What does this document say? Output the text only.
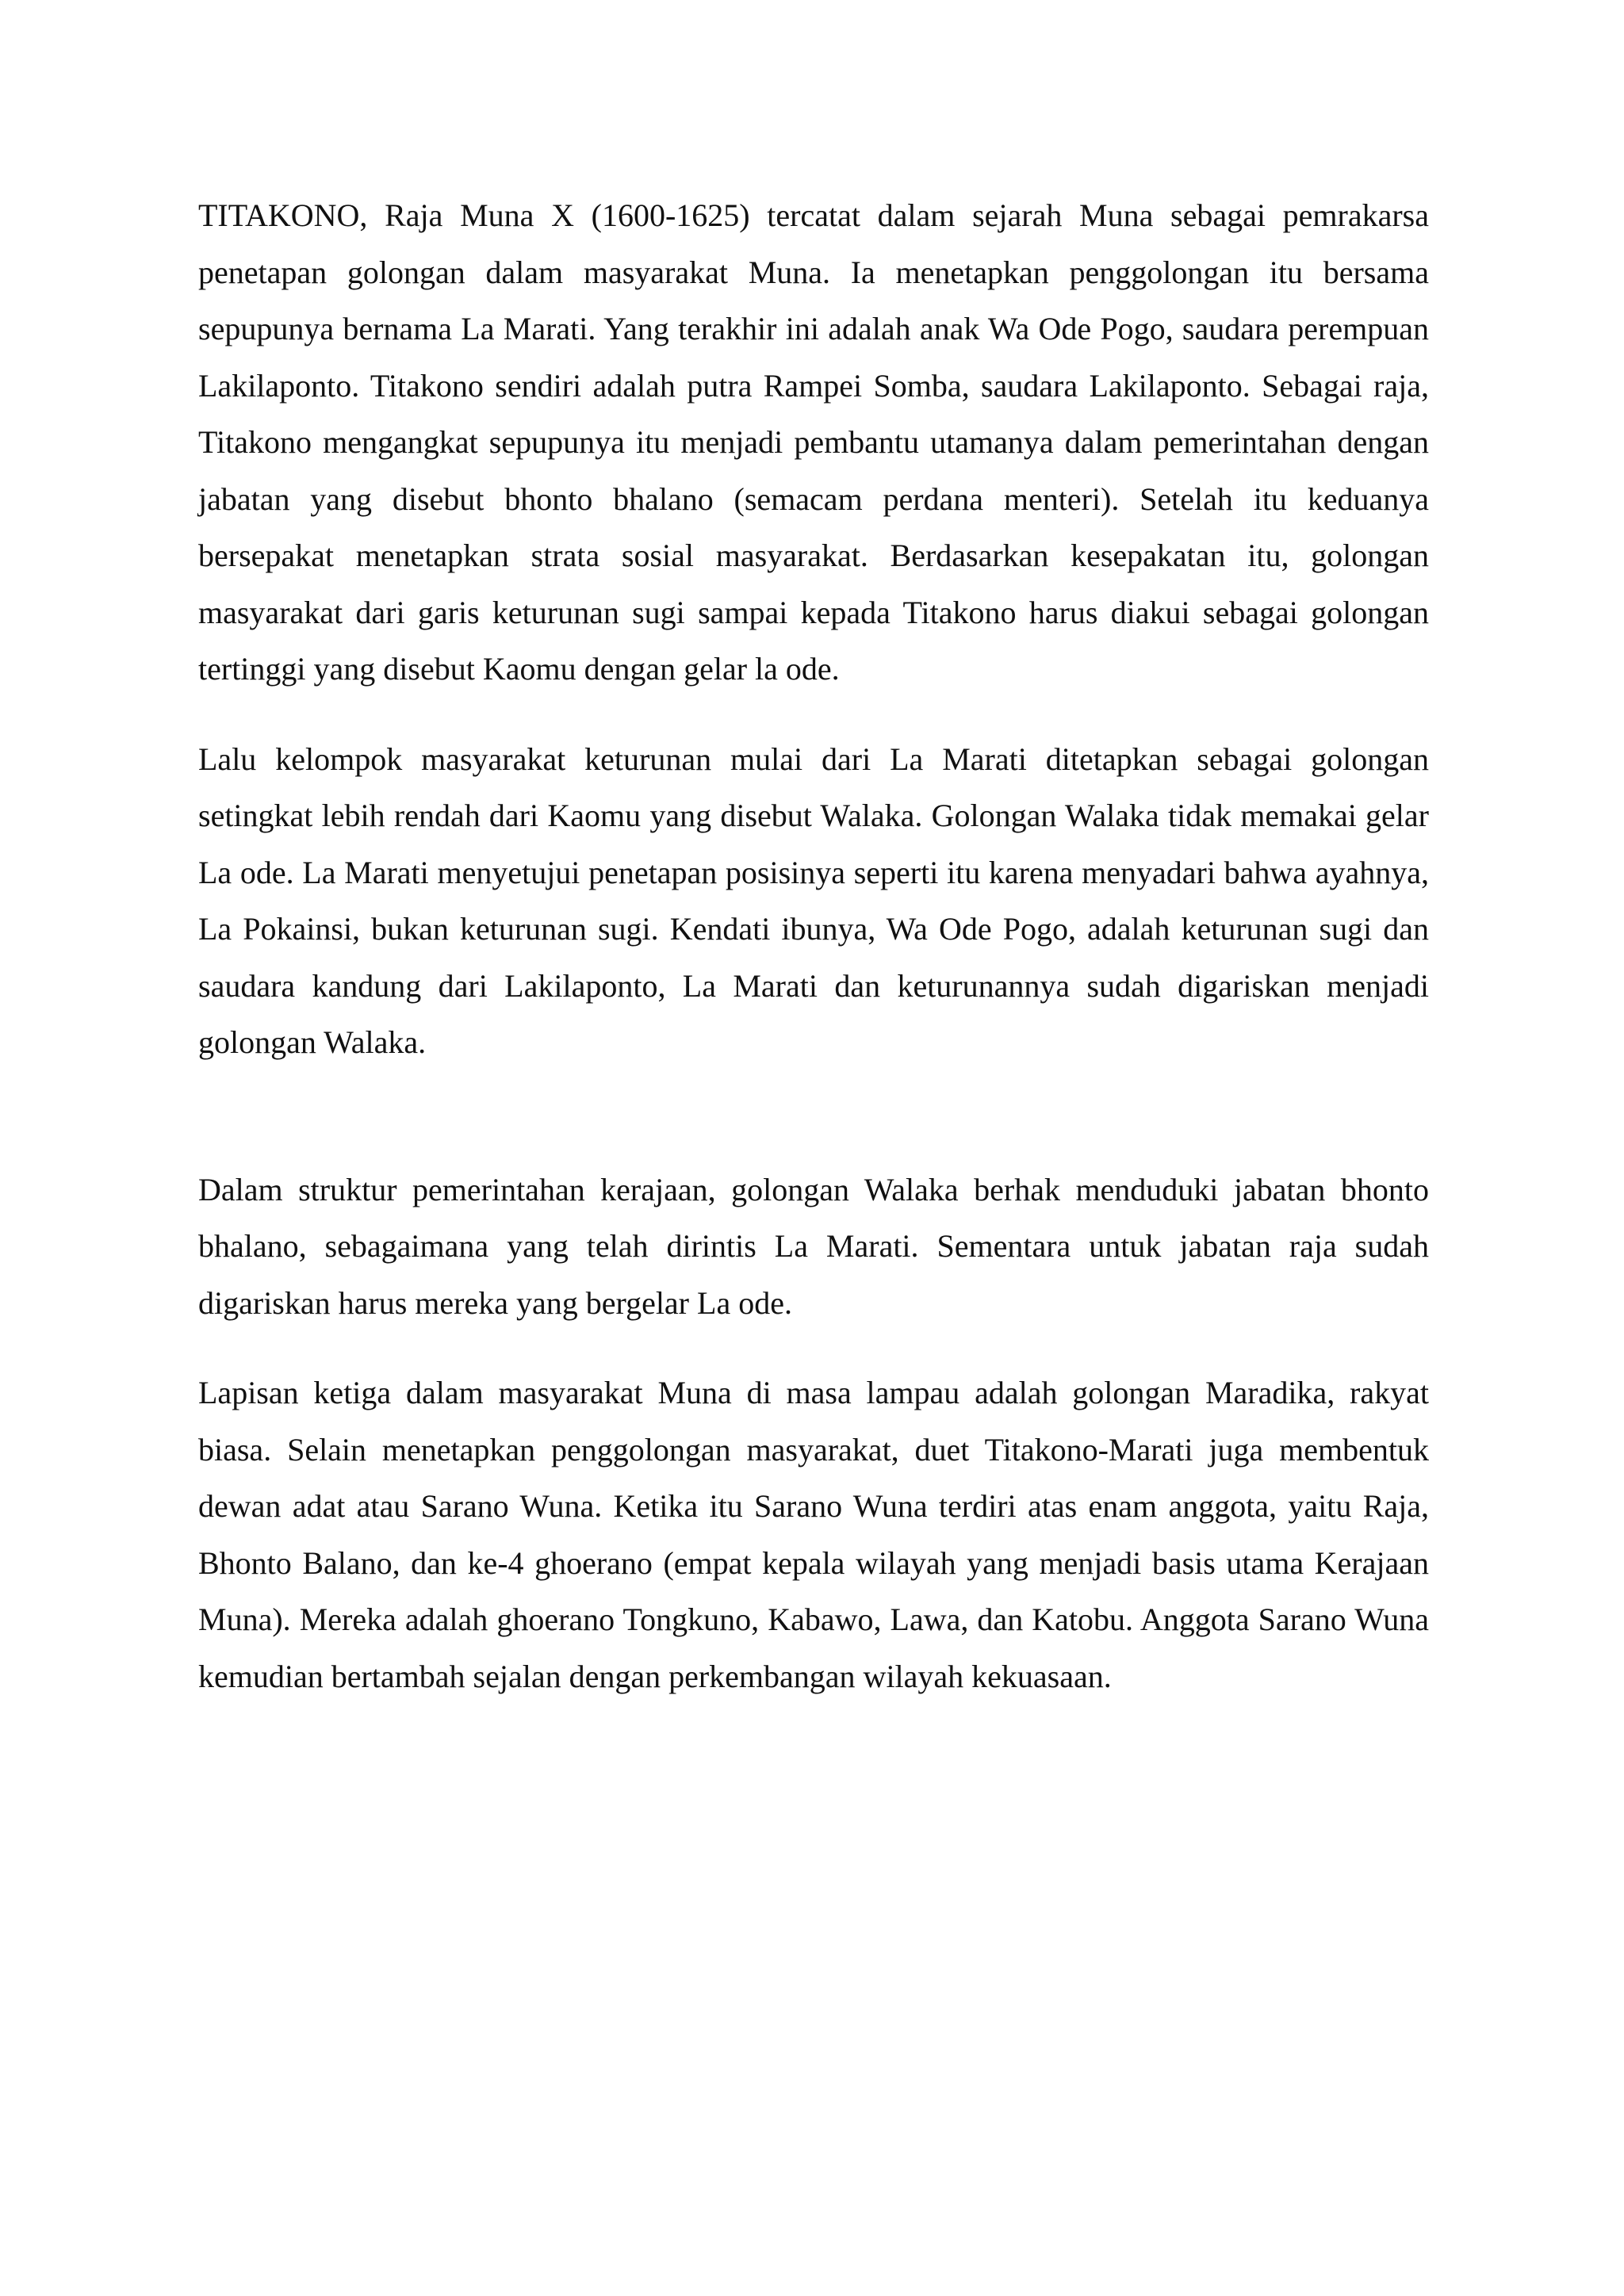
TITAKONO, Raja Muna X (1600-1625) tercatat dalam sejarah Muna sebagai pemrakarsa penetapan golongan dalam masyarakat Muna. Ia menetapkan penggolongan itu bersama sepupunya bernama La Marati. Yang terakhir ini adalah anak Wa Ode Pogo, saudara perempuan Lakilaponto. Titakono sendiri adalah putra Rampei Somba, saudara Lakilaponto. Sebagai raja, Titakono mengangkat sepupunya itu menjadi pembantu utamanya dalam pemerintahan dengan jabatan yang disebut bhonto bhalano (semacam perdana menteri). Setelah itu keduanya bersepakat menetapkan strata sosial masyarakat. Berdasarkan kesepakatan itu, golongan masyarakat dari garis keturunan sugi sampai kepada Titakono harus diakui sebagai golongan tertinggi yang disebut Kaomu dengan gelar la ode.

Lalu kelompok masyarakat keturunan mulai dari La Marati ditetapkan sebagai golongan setingkat lebih rendah dari Kaomu yang disebut Walaka. Golongan Walaka tidak memakai gelar La ode. La Marati menyetujui penetapan posisinya seperti itu karena menyadari bahwa ayahnya, La Pokainsi, bukan keturunan sugi. Kendati ibunya, Wa Ode Pogo, adalah keturunan sugi dan saudara kandung dari Lakilaponto, La Marati dan keturunannya sudah digariskan menjadi golongan Walaka.

Dalam struktur pemerintahan kerajaan, golongan Walaka berhak menduduki jabatan bhonto bhalano, sebagaimana yang telah dirintis La Marati. Sementara untuk jabatan raja sudah digariskan harus mereka yang bergelar La ode.

Lapisan ketiga dalam masyarakat Muna di masa lampau adalah golongan Maradika, rakyat biasa. Selain menetapkan penggolongan masyarakat, duet Titakono-Marati juga membentuk dewan adat atau Sarano Wuna. Ketika itu Sarano Wuna terdiri atas enam anggota, yaitu Raja, Bhonto Balano, dan ke-4 ghoerano (empat kepala wilayah yang menjadi basis utama Kerajaan Muna). Mereka adalah ghoerano Tongkuno, Kabawo, Lawa, dan Katobu. Anggota Sarano Wuna kemudian bertambah sejalan dengan perkembangan wilayah kekuasaan.
